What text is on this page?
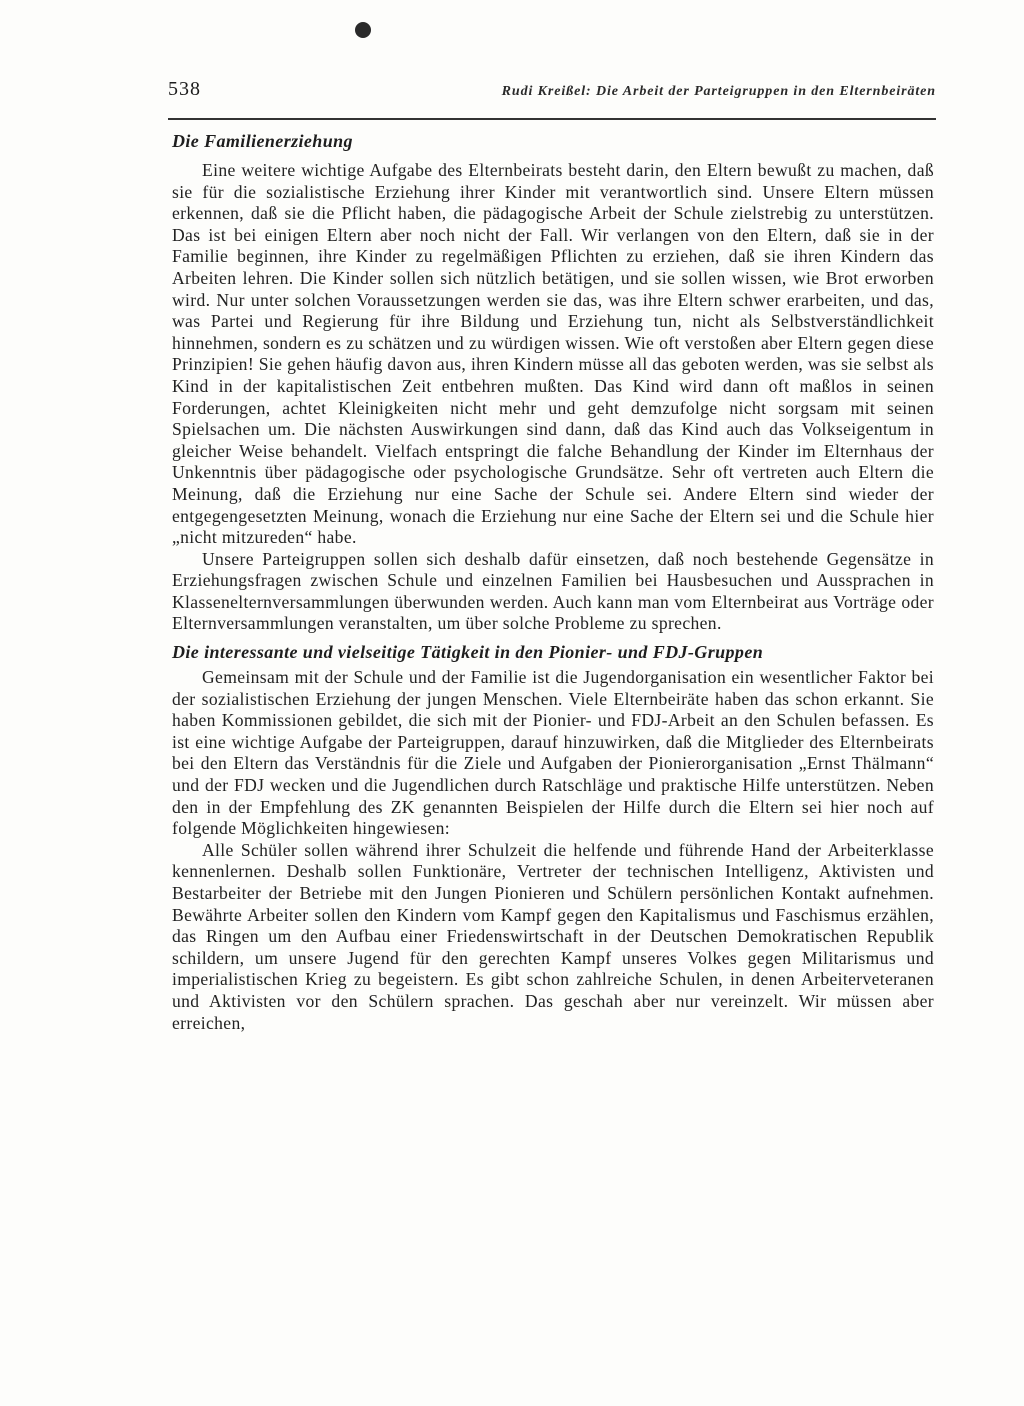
538	Rudi Kreißel: Die Arbeit der Parteigruppen in den Elternbeiräten
Die Familienerziehung

Eine weitere wichtige Aufgabe des Elternbeirats besteht darin, den Eltern bewußt zu machen, daß sie für die sozialistische Erziehung ihrer Kinder mit verantwortlich sind. Unsere Eltern müssen erkennen, daß sie die Pflicht haben, die pädagogische Arbeit der Schule zielstrebig zu unterstützen. Das ist bei einigen Eltern aber noch nicht der Fall. Wir verlangen von den Eltern, daß sie in der Familie beginnen, ihre Kinder zu regelmäßigen Pflichten zu erziehen, daß sie ihren Kindern das Arbeiten lehren. Die Kinder sollen sich nützlich betätigen, und sie sollen wissen, wie Brot erworben wird. Nur unter solchen Voraussetzungen werden sie das, was ihre Eltern schwer erarbeiten, und das, was Partei und Regierung für ihre Bildung und Erziehung tun, nicht als Selbstverständlichkeit hinnehmen, sondern es zu schätzen und zu würdigen wissen. Wie oft verstoßen aber Eltern gegen diese Prinzipien! Sie gehen häufig davon aus, ihren Kindern müsse all das geboten werden, was sie selbst als Kind in der kapitalistischen Zeit entbehren mußten. Das Kind wird dann oft maßlos in seinen Forderungen, achtet Kleinigkeiten nicht mehr und geht demzufolge nicht sorgsam mit seinen Spielsachen um. Die nächsten Auswirkungen sind dann, daß das Kind auch das Volkseigentum in gleicher Weise behandelt. Vielfach entspringt die falche Behandlung der Kinder im Elternhaus der Unkenntnis über pädagogische oder psychologische Grundsätze. Sehr oft vertreten auch Eltern die Meinung, daß die Erziehung nur eine Sache der Schule sei. Andere Eltern sind wieder der entgegengesetzten Meinung, wonach die Erziehung nur eine Sache der Eltern sei und die Schule hier „nicht mitzureden“ habe.

Unsere Parteigruppen sollen sich deshalb dafür einsetzen, daß noch bestehende Gegensätze in Erziehungsfragen zwischen Schule und einzelnen Familien bei Hausbesuchen und Aussprachen in Klassenelternversammlungen überwunden werden. Auch kann man vom Elternbeirat aus Vorträge oder Elternversammlungen veranstalten, um über solche Probleme zu sprechen.

Die interessante und vielseitige Tätigkeit in den Pionier- und FDJ-Gruppen

Gemeinsam mit der Schule und der Familie ist die Jugendorganisation ein wesentlicher Faktor bei der sozialistischen Erziehung der jungen Menschen. Viele Elternbeiräte haben das schon erkannt. Sie haben Kommissionen gebildet, die sich mit der Pionier- und FDJ-Arbeit an den Schulen befassen. Es ist eine wichtige Aufgabe der Parteigruppen, darauf hinzuwirken, daß die Mitglieder des Elternbeirats bei den Eltern das Verständnis für die Ziele und Aufgaben der Pionierorganisation „Ernst Thälmann“ und der FDJ wecken und die Jugendlichen durch Ratschläge und praktische Hilfe unterstützen. Neben den in der Empfehlung des ZK genannten Beispielen der Hilfe durch die Eltern sei hier noch auf folgende Möglichkeiten hingewiesen:

Alle Schüler sollen während ihrer Schulzeit die helfende und führende Hand der Arbeiterklasse kennenlernen. Deshalb sollen Funktionäre, Vertreter der technischen Intelligenz, Aktivisten und Bestarbeiter der Betriebe mit den Jungen Pionieren und Schülern persönlichen Kontakt aufnehmen. Bewährte Arbeiter sollen den Kindern vom Kampf gegen den Kapitalismus und Faschismus erzählen, das Ringen um den Aufbau einer Friedenswirtschaft in der Deutschen Demokratischen Republik schildern, um unsere Jugend für den gerechten Kampf unseres Volkes gegen Militarismus und imperialistischen Krieg zu begeistern. Es gibt schon zahlreiche Schulen, in denen Arbeiterveteranen und Aktivisten vor den Schülern sprachen. Das geschah aber nur vereinzelt. Wir müssen aber erreichen,
